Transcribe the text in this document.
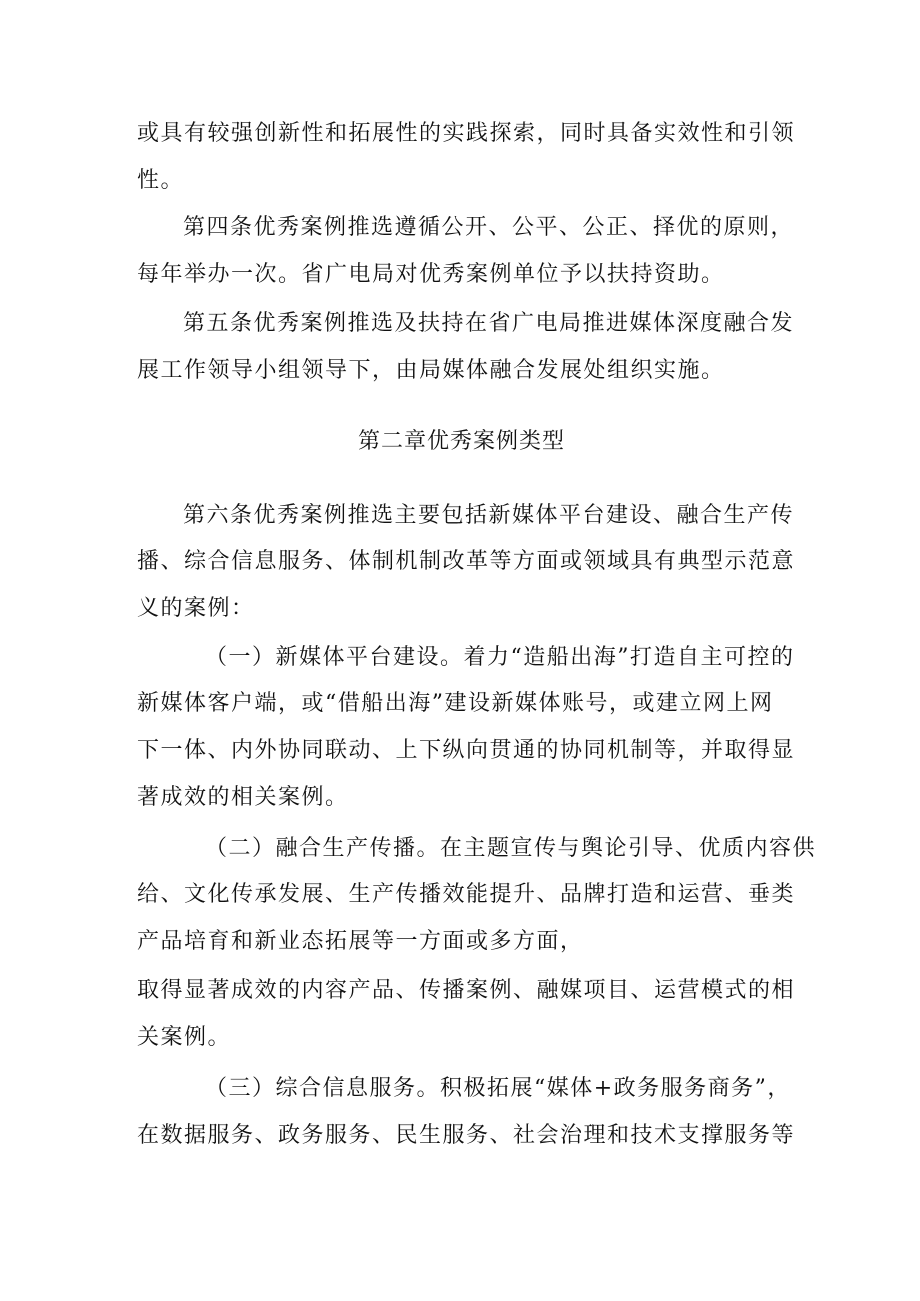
或具有较强创新性和拓展性的实践探索，同时具备实效性和引领

性。

第四条优秀案例推选遵循公开、公平、公正、择优的原则，

每年举办一次。省广电局对优秀案例单位予以扶持资助。

第五条优秀案例推选及扶持在省广电局推进媒体深度融合发

展工作领导小组领导下，由局媒体融合发展处组织实施。

第二章优秀案例类型

第六条优秀案例推选主要包括新媒体平台建设、融合生产传

播、综合信息服务、体制机制改革等方面或领域具有典型示范意

义的案例：

（一）新媒体平台建设。着力“造船出海”打造自主可控的

新媒体客户端，或“借船出海”建设新媒体账号，或建立网上网

下一体、内外协同联动、上下纵向贯通的协同机制等，并取得显

著成效的相关案例。

（二）融合生产传播。在主题宣传与舆论引导、优质内容供

给、文化传承发展、生产传播效能提升、品牌打造和运营、垂类

产品培育和新业态拓展等一方面或多方面，

取得显著成效的内容产品、传播案例、融媒项目、运营模式的相

关案例。

（三）综合信息服务。积极拓展“媒体+政务服务商务”，

在数据服务、政务服务、民生服务、社会治理和技术支撑服务等
